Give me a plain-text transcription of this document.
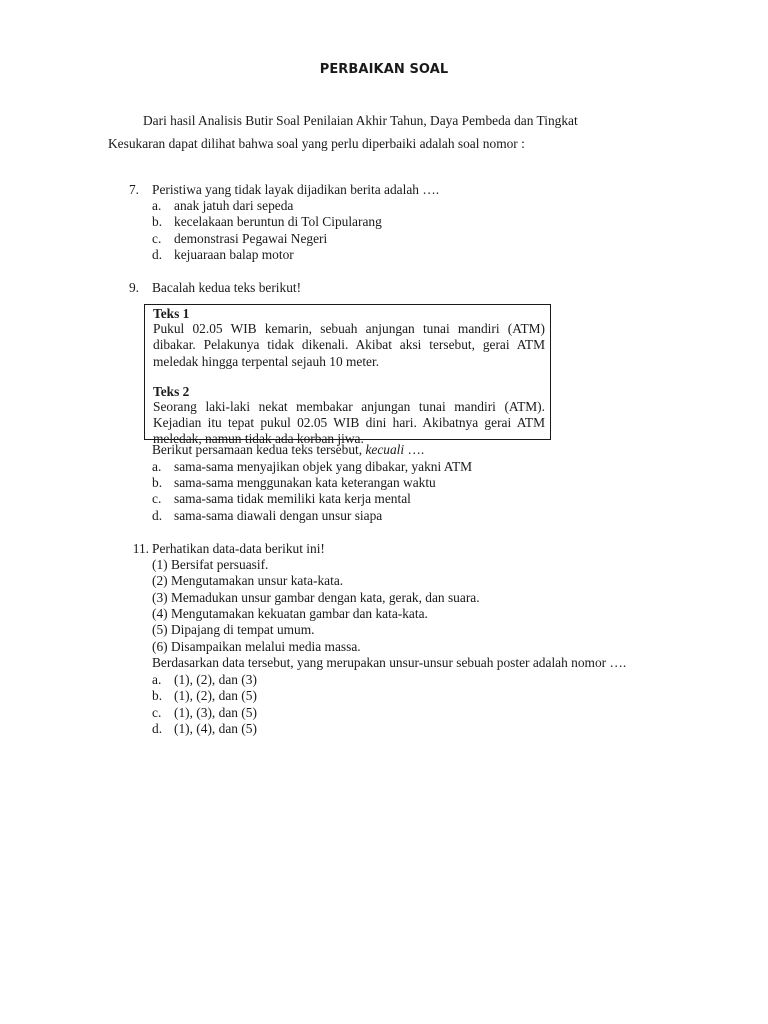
PERBAIKAN SOAL
Dari hasil Analisis Butir Soal Penilaian Akhir Tahun, Daya Pembeda dan Tingkat
Kesukaran dapat dilihat bahwa soal yang perlu diperbaiki adalah soal nomor :
7. Peristiwa yang tidak layak dijadikan berita adalah ….
a. anak jatuh dari sepeda
b. kecelakaan beruntun di Tol Cipularang
c. demonstrasi Pegawai Negeri
d. kejuaraan balap motor
9. Bacalah kedua teks berikut!
Teks 1
Pukul 02.05 WIB kemarin, sebuah anjungan tunai mandiri (ATM) dibakar. Pelakunya tidak dikenali. Akibat aksi tersebut, gerai ATM meledak hingga terpental sejauh 10 meter.
Teks 2
Seorang laki-laki nekat membakar anjungan tunai mandiri (ATM). Kejadian itu tepat pukul 02.05 WIB dini hari. Akibatnya gerai ATM meledak, namun tidak ada korban jiwa.
Berikut persamaan kedua teks tersebut, kecuali ….
a. sama-sama menyajikan objek yang dibakar, yakni ATM
b. sama-sama menggunakan kata keterangan waktu
c. sama-sama tidak memiliki kata kerja mental
d. sama-sama diawali dengan unsur siapa
11. Perhatikan data-data berikut ini!
(1) Bersifat persuasif.
(2) Mengutamakan unsur kata-kata.
(3) Memadukan unsur gambar dengan kata, gerak, dan suara.
(4) Mengutamakan kekuatan gambar dan kata-kata.
(5) Dipajang di tempat umum.
(6) Disampaikan melalui media massa.
Berdasarkan data tersebut, yang merupakan unsur-unsur sebuah poster adalah nomor ….
a. (1), (2), dan (3)
b. (1), (2), dan (5)
c. (1), (3), dan (5)
d. (1), (4), dan (5)
